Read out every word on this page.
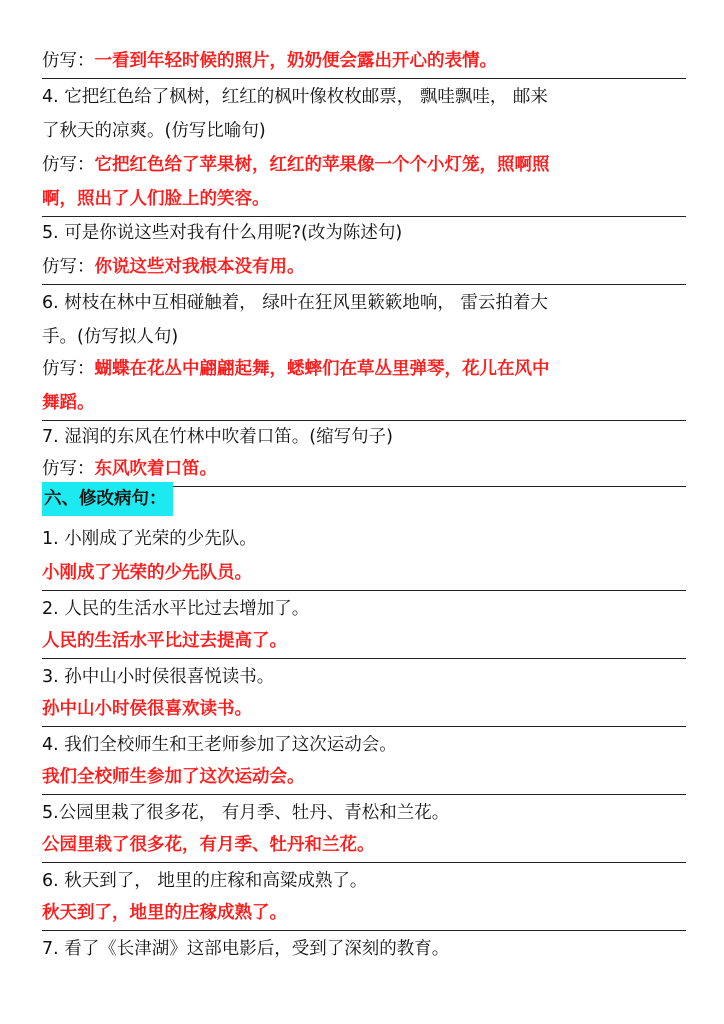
仿写：一看到年轻时候的照片，奶奶便会露出开心的表情。
4. 它把红色给了枫树，红红的枫叶像枚枚邮票， 飘哇飘哇， 邮来
了秋天的凉爽。(仿写比喻句)
仿写：它把红色给了苹果树，红红的苹果像一个个小灯笼，照啊照
啊，照出了人们脸上的笑容。
5. 可是你说这些对我有什么用呢?(改为陈述句)
仿写：你说这些对我根本没有用。
6. 树枝在林中互相碰触着， 绿叶在狂风里簌簌地响， 雷云拍着大
手。(仿写拟人句)
仿写：蝴蝶在花丛中翩翩起舞，蟋蟀们在草丛里弹琴，花儿在风中
舞蹈。
7. 湿润的东风在竹林中吹着口笛。(缩写句子)
仿写：东风吹着口笛。
六、修改病句：
1. 小刚成了光荣的少先队。
小刚成了光荣的少先队员。
2. 人民的生活水平比过去增加了。
人民的生活水平比过去提高了。
3. 孙中山小时侯很喜悦读书。
孙中山小时侯很喜欢读书。
4. 我们全校师生和王老师参加了这次运动会。
我们全校师生参加了这次运动会。
5.公园里栽了很多花， 有月季、牡丹、青松和兰花。
公园里栽了很多花，有月季、牡丹和兰花。
6. 秋天到了， 地里的庄稼和高粱成熟了。
秋天到了，地里的庄稼成熟了。
7. 看了《长津湖》这部电影后，受到了深刻的教育。
